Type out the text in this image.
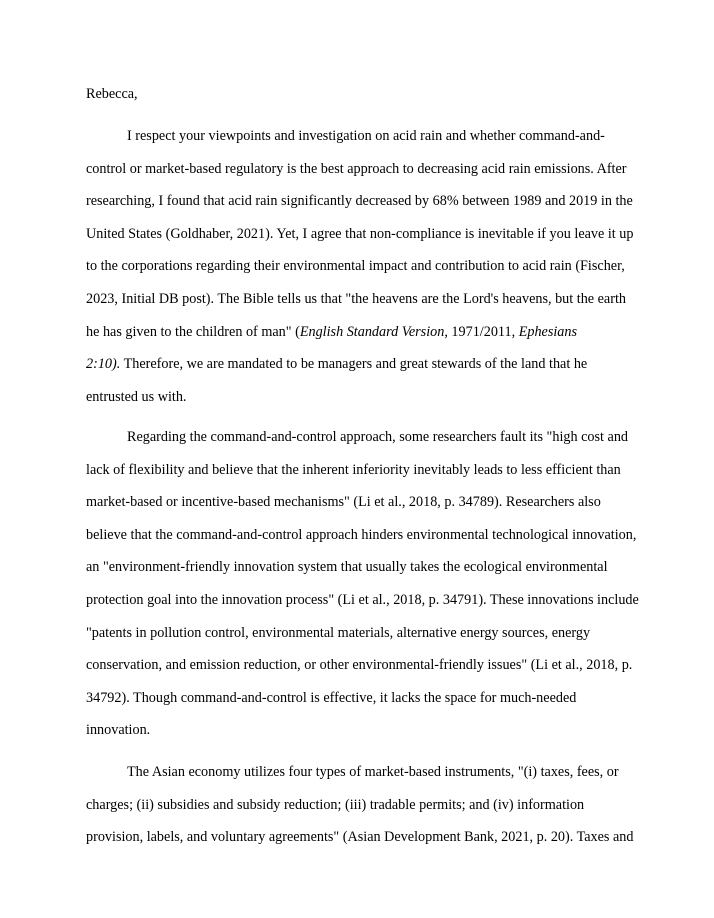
Rebecca,

I respect your viewpoints and investigation on acid rain and whether command-and-

control or market-based regulatory is the best approach to decreasing acid rain emissions. After

researching, I found that acid rain significantly decreased by 68% between 1989 and 2019 in the

United States (Goldhaber, 2021). Yet, I agree that non-compliance is inevitable if you leave it up

to the corporations regarding their environmental impact and contribution to acid rain (Fischer,

2023, Initial DB post). The Bible tells us that "the heavens are the Lord's heavens, but the earth

he has given to the children of man" (English Standard Version, 1971/2011, Ephesians

2:10). Therefore, we are mandated to be managers and great stewards of the land that he

entrusted us with.

Regarding the command-and-control approach, some researchers fault its "high cost and

lack of flexibility and believe that the inherent inferiority inevitably leads to less efficient than

market-based or incentive-based mechanisms" (Li et al., 2018, p. 34789). Researchers also

believe that the command-and-control approach hinders environmental technological innovation,

an "environment-friendly innovation system that usually takes the ecological environmental

protection goal into the innovation process" (Li et al., 2018, p. 34791). These innovations include

"patents in pollution control, environmental materials, alternative energy sources, energy

conservation, and emission reduction, or other environmental-friendly issues" (Li et al., 2018, p.

34792). Though command-and-control is effective, it lacks the space for much-needed

innovation.

The Asian economy utilizes four types of market-based instruments, "(i) taxes, fees, or

charges; (ii) subsidies and subsidy reduction; (iii) tradable permits; and (iv) information

provision, labels, and voluntary agreements" (Asian Development Bank, 2021, p. 20). Taxes and
